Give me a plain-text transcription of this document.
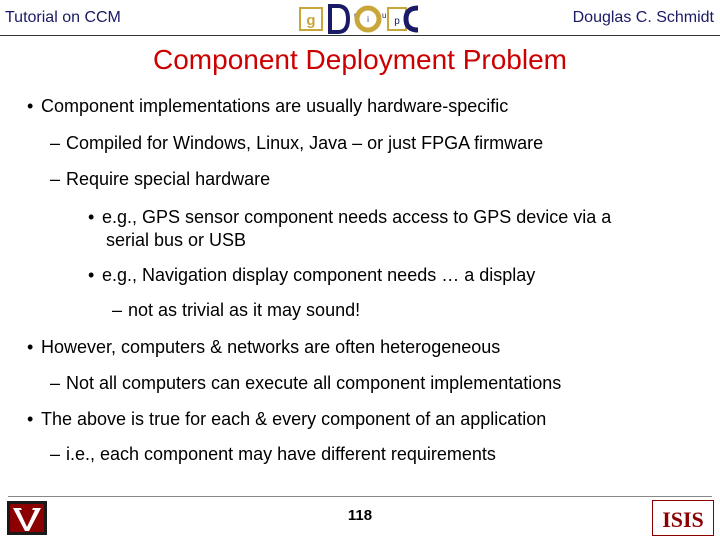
Tutorial on CCM	g	r i u
p	Douglas C. Schmidt
Component Deployment Problem
• Component implementations are usually hardware-specific
– Compiled for Windows, Linux, Java – or just FPGA firmware
– Require special hardware
• e.g., GPS sensor component needs access to GPS device via a
serial bus or USB
• e.g., Navigation display component needs … a display
– not as trivial as it may sound!
• However, computers & networks are often heterogeneous
– Not all computers can execute all component implementations
• The above is true for each & every component of an application
– i.e., each component may have different requirements
118	ISIS
